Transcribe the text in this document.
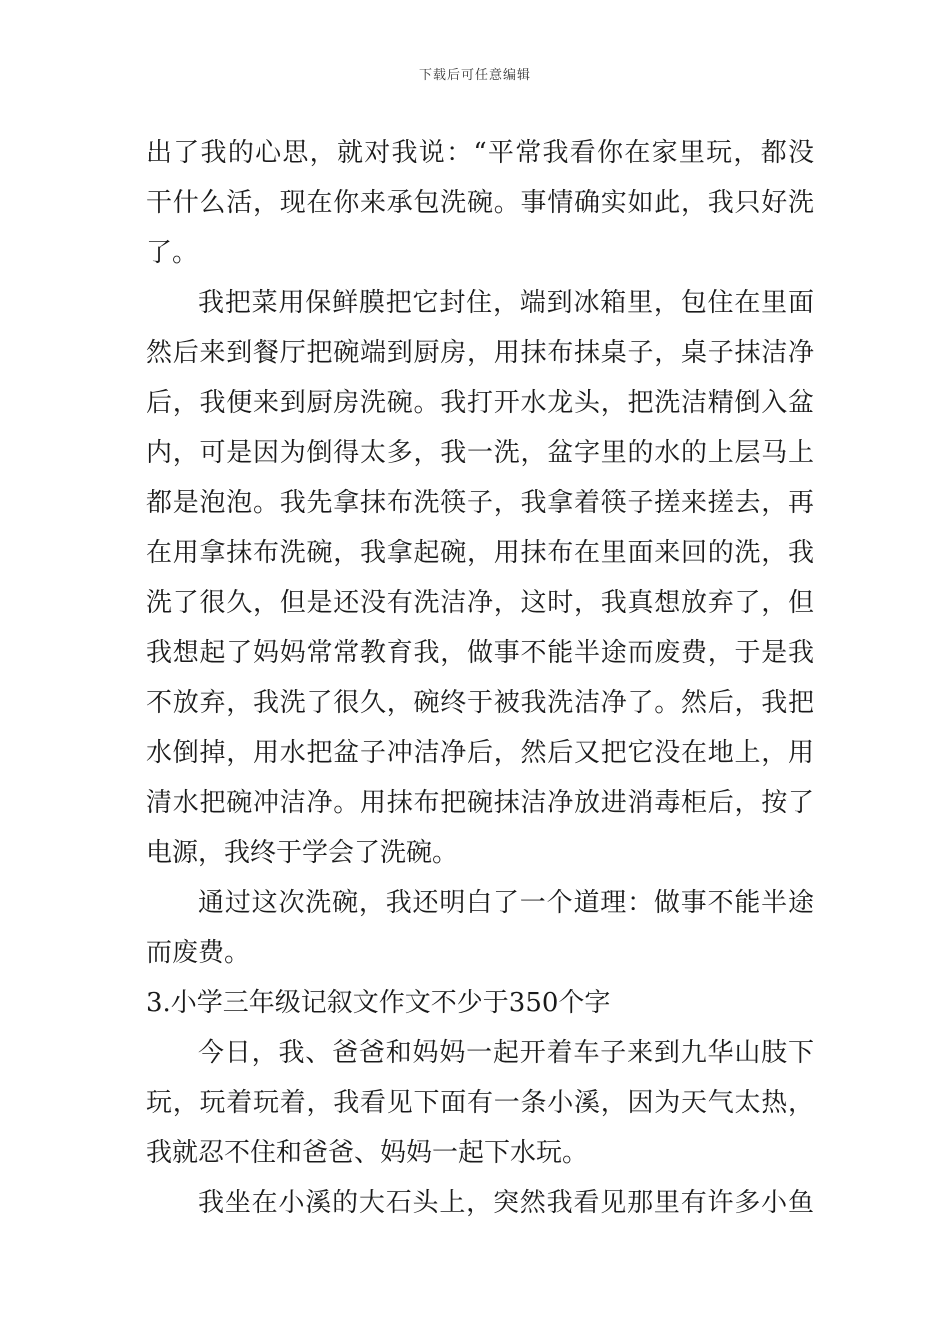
下载后可任意编辑
出了我的心思，就对我说：“平常我看你在家里玩，都没
干什么活，现在你来承包洗碗。事情确实如此，我只好洗
了。
我把菜用保鲜膜把它封住，端到冰箱里，包住在里面
然后来到餐厅把碗端到厨房，用抹布抹桌子，桌子抹洁净
后，我便来到厨房洗碗。我打开水龙头，把洗洁精倒入盆
内，可是因为倒得太多，我一洗，盆字里的水的上层马上
都是泡泡。我先拿抹布洗筷子，我拿着筷子搓来搓去，再
在用拿抹布洗碗，我拿起碗，用抹布在里面来回的洗，我
洗了很久，但是还没有洗洁净，这时，我真想放弃了，但
我想起了妈妈常常教育我，做事不能半途而废费，于是我
不放弃，我洗了很久，碗终于被我洗洁净了。然后，我把
水倒掉，用水把盆子冲洁净后，然后又把它没在地上，用
清水把碗冲洁净。用抹布把碗抹洁净放进消毒柜后，按了
电源，我终于学会了洗碗。
通过这次洗碗，我还明白了一个道理：做事不能半途
而废费。
3.小学三年级记叙文作文不少于350个字
今日，我、爸爸和妈妈一起开着车子来到九华山肢下
玩，玩着玩着，我看见下面有一条小溪，因为天气太热，
我就忍不住和爸爸、妈妈一起下水玩。
我坐在小溪的大石头上，突然我看见那里有许多小鱼
